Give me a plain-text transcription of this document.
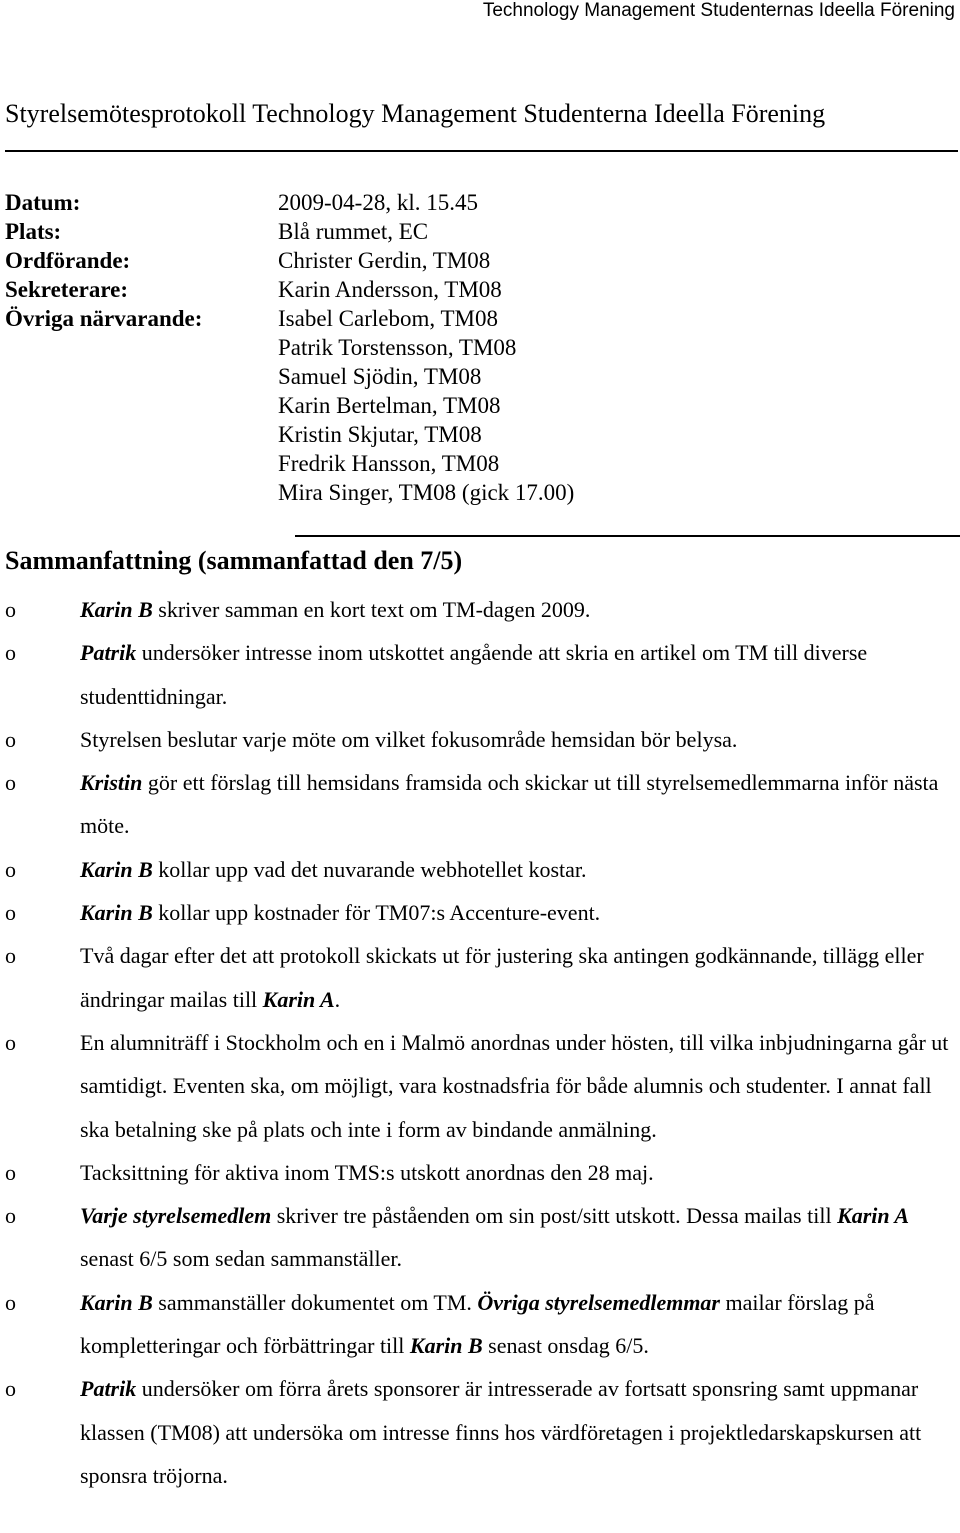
Technology Management Studenternas Ideella Förening
Styrelsemötesprotokoll Technology Management Studenterna Ideella Förening
Datum:	2009-04-28, kl. 15.45
Plats:	Blå rummet, EC
Ordförande:	Christer Gerdin, TM08
Sekreterare:	Karin Andersson, TM08
Övriga närvarande:	Isabel Carlebom, TM08
Patrik Torstensson, TM08
Samuel Sjödin, TM08
Karin Bertelman, TM08
Kristin Skjutar, TM08
Fredrik Hansson, TM08
Mira Singer, TM08 (gick 17.00)
Sammanfattning (sammanfattad den 7/5)
o	Karin B skriver samman en kort text om TM-dagen 2009.
o	Patrik undersöker intresse inom utskottet angående att skria en artikel om TM till diverse studenttidningar.
o	Styrelsen beslutar varje möte om vilket fokusområde hemsidan bör belysa.
o	Kristin gör ett förslag till hemsidans framsida och skickar ut till styrelsemedlemmarna inför nästa möte.
o	Karin B kollar upp vad det nuvarande webhotellet kostar.
o	Karin B kollar upp kostnader för TM07:s Accenture-event.
o	Två dagar efter det att protokoll skickats ut för justering ska antingen godkännande, tillägg eller ändringar mailas till Karin A.
o	En alumniträff i Stockholm och en i Malmö anordnas under hösten, till vilka inbjudningarna går ut samtidigt. Eventen ska, om möjligt, vara kostnadsfria för både alumnis och studenter. I annat fall ska betalning ske på plats och inte i form av bindande anmälning.
o	Tacksittning för aktiva inom TMS:s utskott anordnas den 28 maj.
o	Varje styrelsemedlem skriver tre påståenden om sin post/sitt utskott. Dessa mailas till Karin A senast 6/5 som sedan sammanställer.
o	Karin B sammanställer dokumentet om TM. Övriga styrelsemedlemmar mailar förslag på kompletteringar och förbättringar till Karin B senast onsdag 6/5.
o	Patrik undersöker om förra årets sponsorer är intresserade av fortsatt sponsring samt uppmanar klassen (TM08) att undersöka om intresse finns hos värdföretagen i projektledarskapskursen att sponsra tröjorna.
